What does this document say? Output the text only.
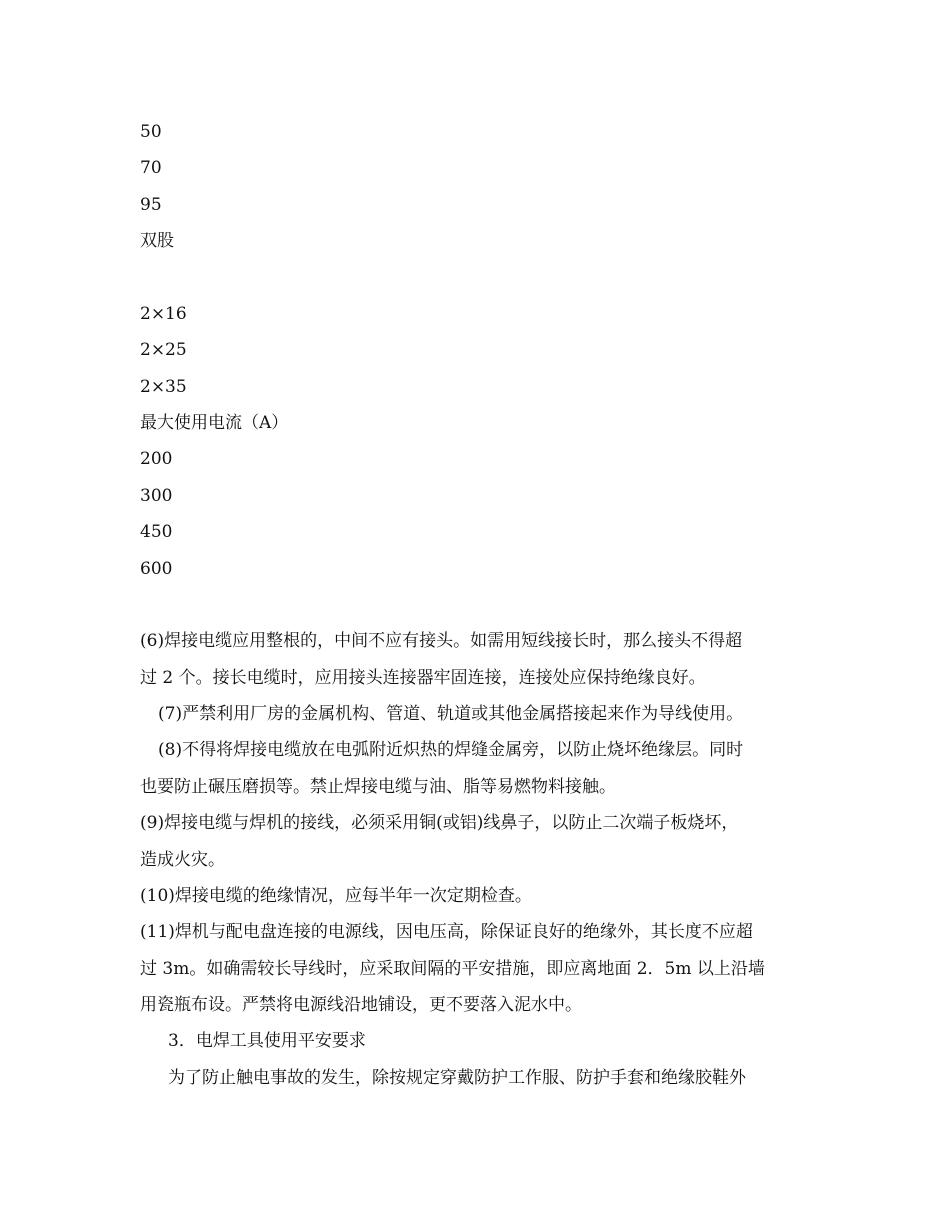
50
70
95
双股
2×16
2×25
2×35
最大使用电流（A）
200
300
450
600
(6)焊接电缆应用整根的，中间不应有接头。如需用短线接长时，那么接头不得超
过 2 个。接长电缆时，应用接头连接器牢固连接，连接处应保持绝缘良好。
(7)严禁利用厂房的金属机构、管道、轨道或其他金属搭接起来作为导线使用。
(8)不得将焊接电缆放在电弧附近炽热的焊缝金属旁，以防止烧坏绝缘层。同时
也要防止碾压磨损等。禁止焊接电缆与油、脂等易燃物料接触。
(9)焊接电缆与焊机的接线，必须采用铜(或铝)线鼻子，以防止二次端子板烧坏，
造成火灾。
(10)焊接电缆的绝缘情况，应每半年一次定期检查。
(11)焊机与配电盘连接的电源线，因电压高，除保证良好的绝缘外，其长度不应超
过 3m。如确需较长导线时，应采取间隔的平安措施，即应离地面 2．5m 以上沿墙
用瓷瓶布设。严禁将电源线沿地铺设，更不要落入泥水中。
3．电焊工具使用平安要求
为了防止触电事故的发生，除按规定穿戴防护工作服、防护手套和绝缘胶鞋外
